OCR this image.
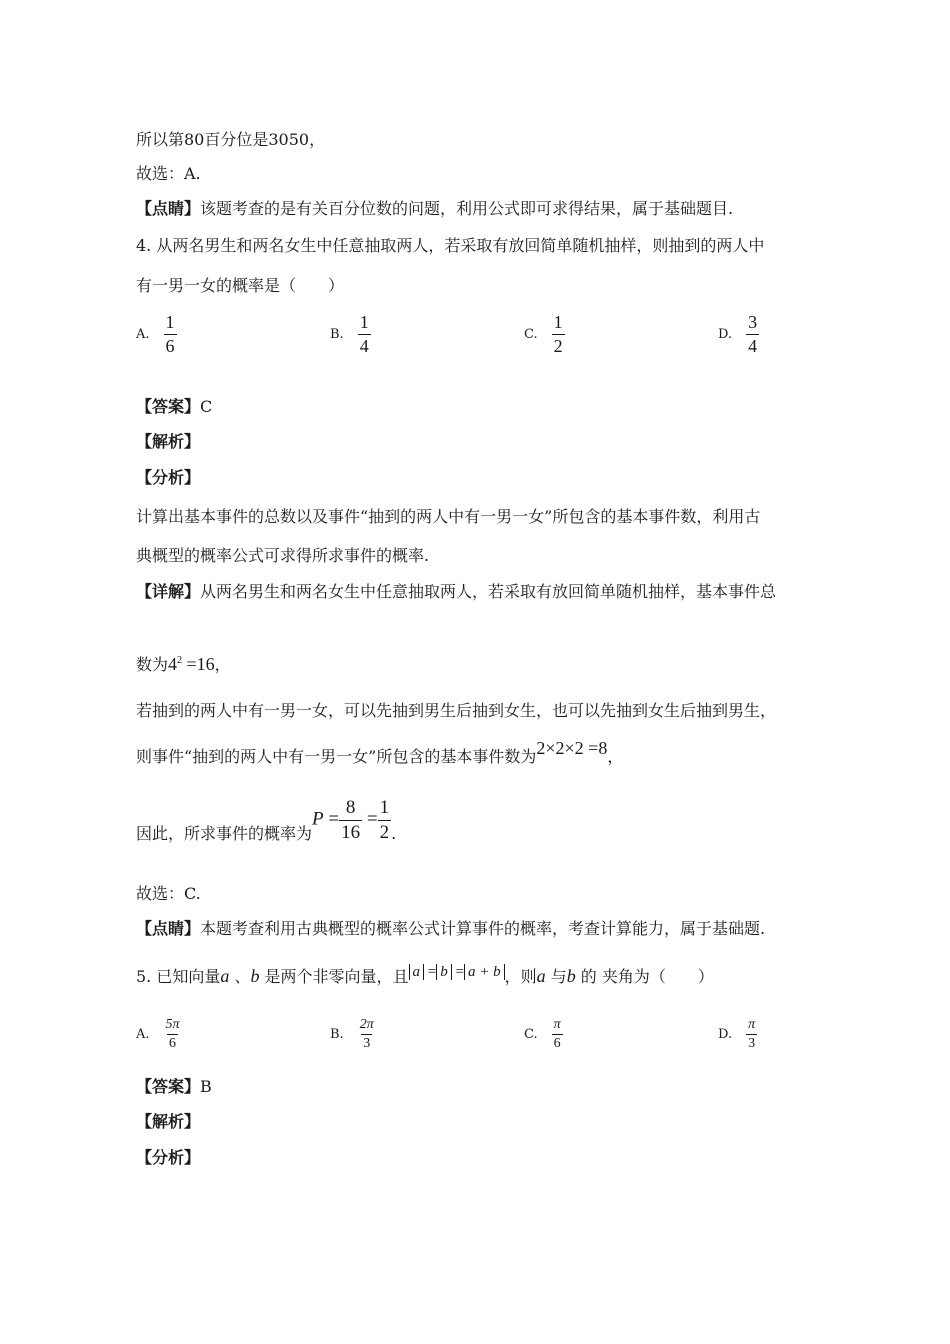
所以第80百分位是3050，
故选：A.
【点睛】该题考查的是有关百分位数的问题，利用公式即可求得结果，属于基础题目.
4. 从两名男生和两名女生中任意抽取两人，若采取有放回简单随机抽样，则抽到的两人中
有一男一女的概率是（　　）
A. $\frac{1}{6}$	B. $\frac{1}{4}$	C. $\frac{1}{2}$	D. $\frac{3}{4}$
【答案】C
【解析】
【分析】
计算出基本事件的总数以及事件“抽到的两人中有一男一女”所包含的基本事件数，利用古
典概型的概率公式可求得所求事件的概率.
【详解】从两名男生和两名女生中任意抽取两人，若采取有放回简单随机抽样，基本事件总
数为$4^2 =16$，
若抽到的两人中有一男一女，可以先抽到男生后抽到女生，也可以先抽到女生后抽到男生，
则事件“抽到的两人中有一男一女”所包含的基本事件数为2×2×2 =8，
因此，所求事件的概率为
$P = \frac{8}{16} = \frac{1}{2}$ .
故选：C.
【点睛】本题考查利用古典概型的概率公式计算事件的概率，考查计算能力，属于基础题.
5. 已知向量a 、b 是两个非零向量，且 a = b = a + b ，则a 与b 的 夹角为（　　）
A. $\frac{5\pi}{6}$	B. $\frac{2\pi}{3}$	C. $\frac{\pi}{6}$	D. $\frac{\pi}{3}$
【答案】B
【解析】
【分析】
